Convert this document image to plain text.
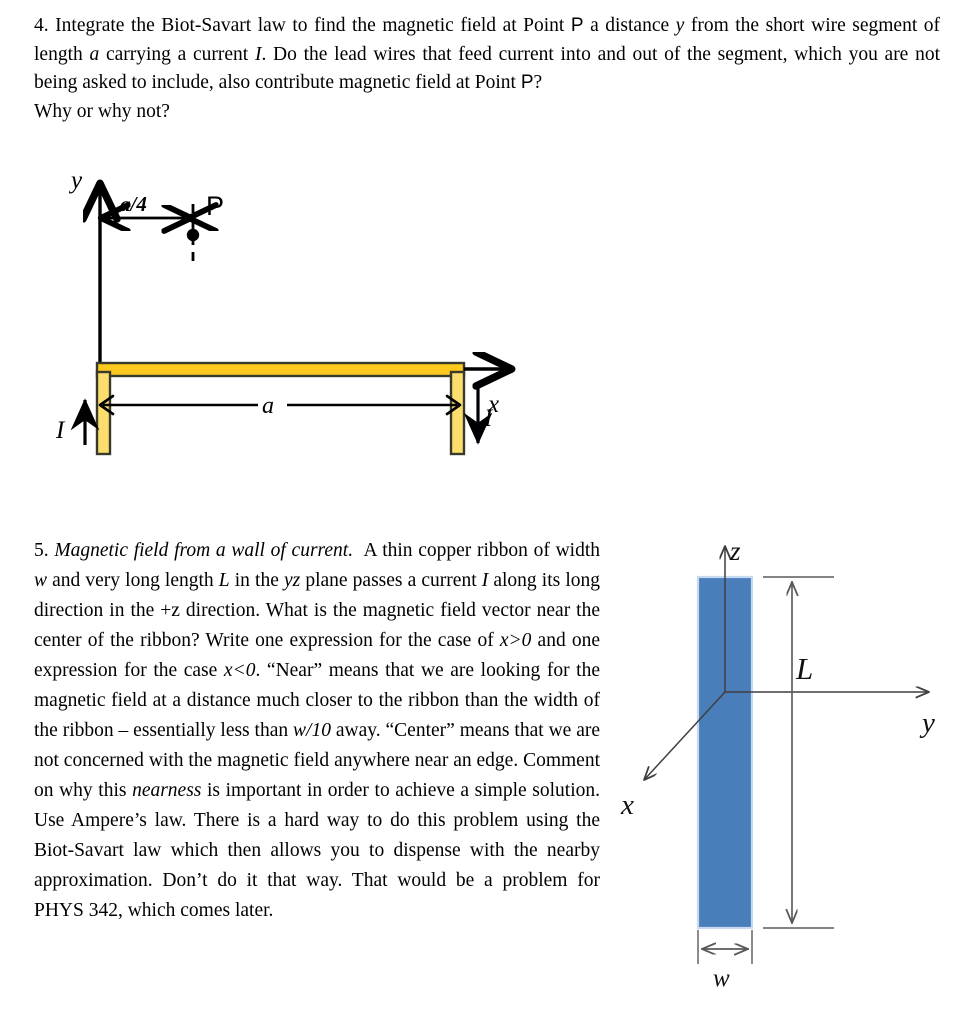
4. Integrate the Biot-Savart law to find the magnetic field at Point P a distance y from the short wire segment of length a carrying a current I. Do the lead wires that feed current into and out of the segment, which you are not being asked to include, also contribute magnetic field at Point P?

Why or why not?

y
a/4 P
x
a
I	I

5. Magnetic field from a wall of current. A thin copper ribbon of width w and very long length L in the yz plane passes a current I along its long direction in the +z direction. What is the magnetic field vector near the center of the ribbon? Write one expression for the case of x>0 and one expression for the case x<0. “Near” means that we are looking for the magnetic field at a distance much closer to the ribbon than the width of the ribbon – essentially less than w/10 away. “Center” means that we are not concerned with the magnetic field anywhere near an edge. Comment on why this nearness is important in order to achieve a simple solution. Use Ampere’s law. There is a hard way to do this problem using the Biot-Savart law which then allows you to dispense with the nearby approximation. Don’t do it that way. That would be a problem for PHYS 342, which comes later.

z
y
x
L
w
